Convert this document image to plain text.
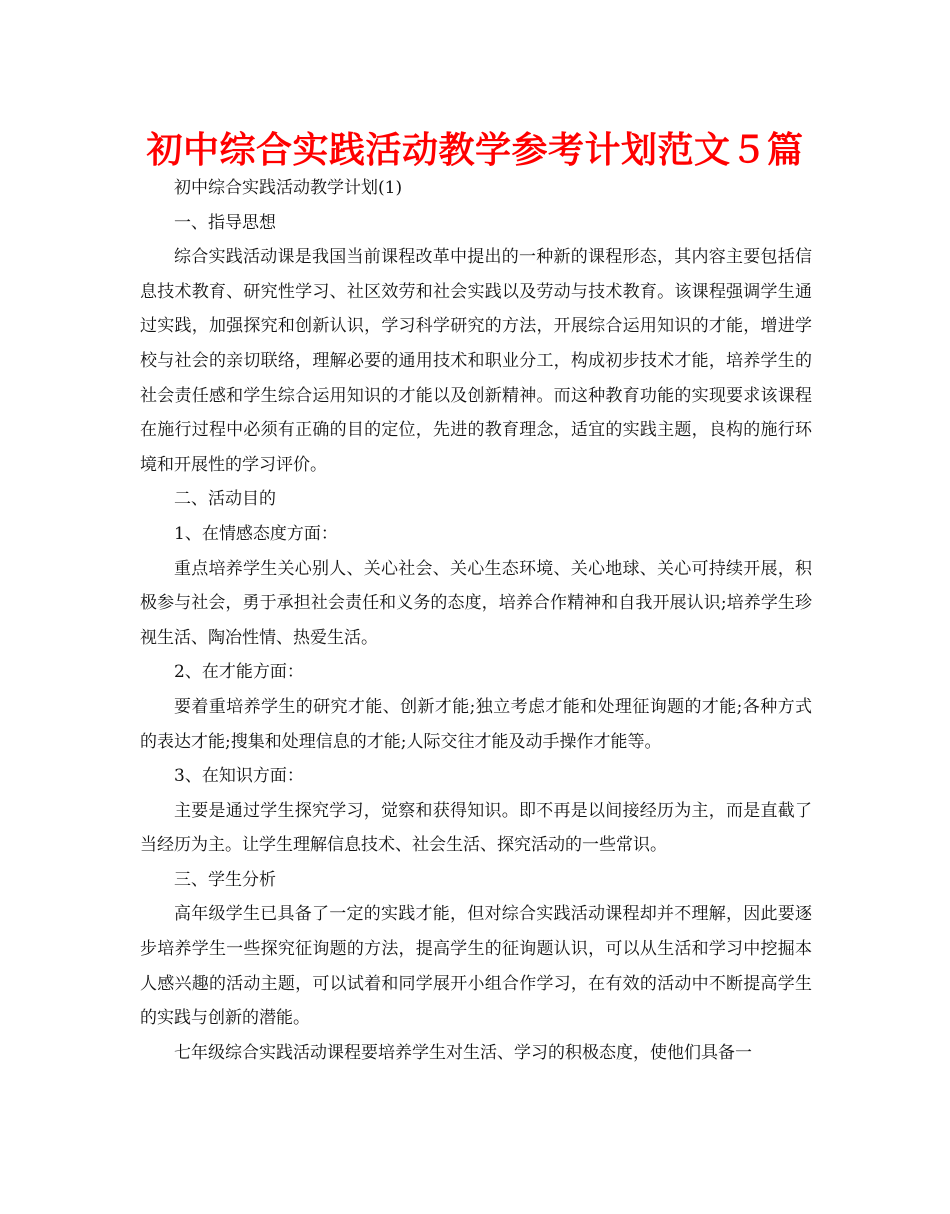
初中综合实践活动教学参考计划范文５篇

初中综合实践活动教学计划(1)

一、指导思想

综合实践活动课是我国当前课程改革中提出的一种新的课程形态，其内容主要包括信息技术教育、研究性学习、社区效劳和社会实践以及劳动与技术教育。该课程强调学生通过实践，加强探究和创新认识，学习科学研究的方法，开展综合运用知识的才能，增进学校与社会的亲切联络，理解必要的通用技术和职业分工，构成初步技术才能，培养学生的社会责任感和学生综合运用知识的才能以及创新精神。而这种教育功能的实现要求该课程在施行过程中必须有正确的目的定位，先进的教育理念，适宜的实践主题，良构的施行环境和开展性的学习评价。

二、活动目的

1、在情感态度方面：

重点培养学生关心别人、关心社会、关心生态环境、关心地球、关心可持续开展，积极参与社会，勇于承担社会责任和义务的态度，培养合作精神和自我开展认识;培养学生珍视生活、陶冶性情、热爱生活。

2、在才能方面：

要着重培养学生的研究才能、创新才能;独立考虑才能和处理征询题的才能;各种方式的表达才能;搜集和处理信息的才能;人际交往才能及动手操作才能等。

3、在知识方面：

主要是通过学生探究学习，觉察和获得知识。即不再是以间接经历为主，而是直截了当经历为主。让学生理解信息技术、社会生活、探究活动的一些常识。

三、学生分析

高年级学生已具备了一定的实践才能，但对综合实践活动课程却并不理解，因此要逐步培养学生一些探究征询题的方法，提高学生的征询题认识，可以从生活和学习中挖掘本人感兴趣的活动主题，可以试着和同学展开小组合作学习，在有效的活动中不断提高学生的实践与创新的潜能。

七年级综合实践活动课程要培养学生对生活、学习的积极态度，使他们具备一
